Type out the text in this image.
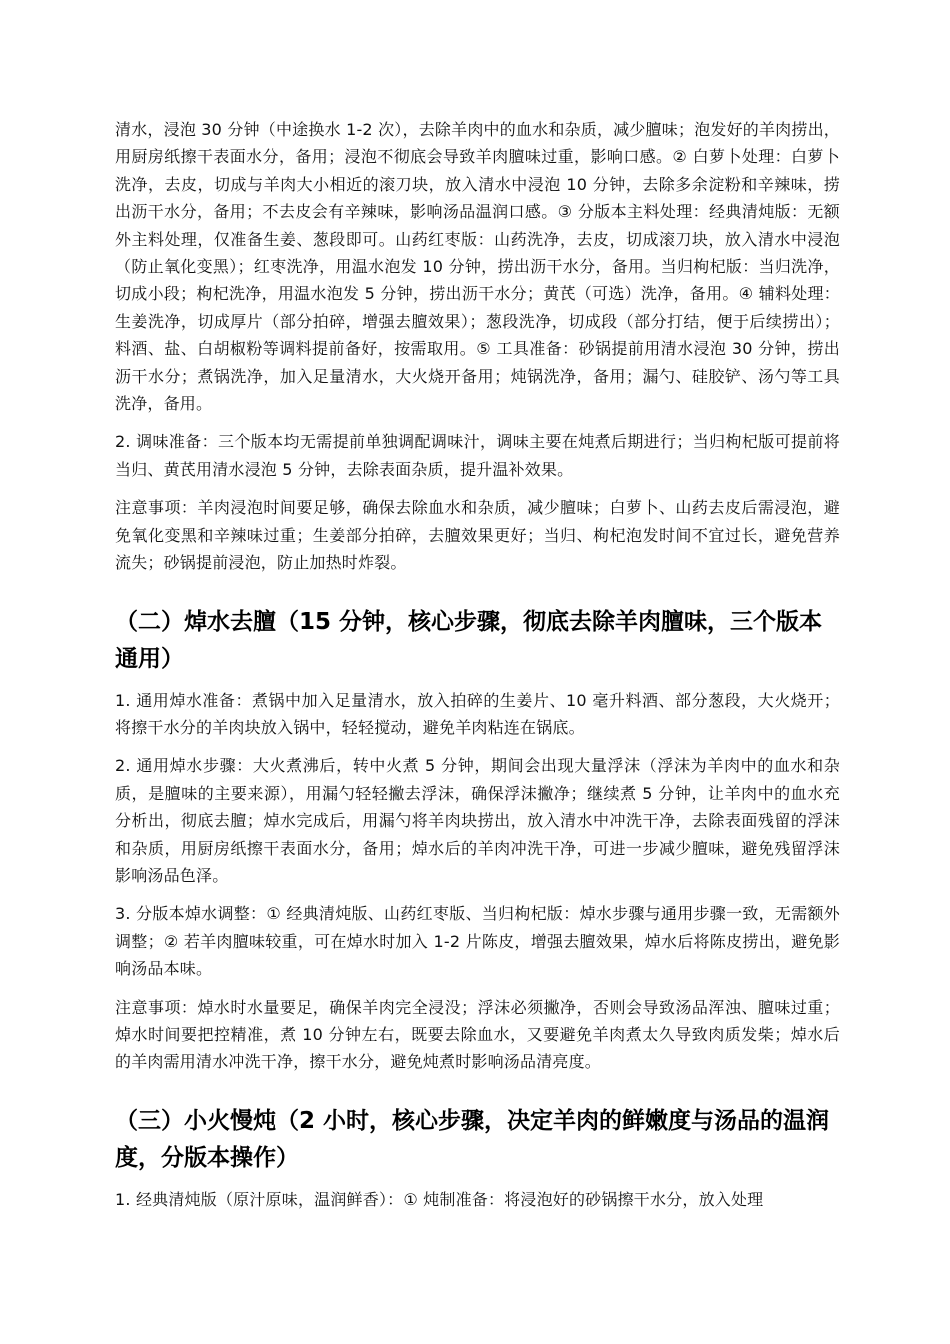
清水，浸泡 30 分钟（中途换水 1-2 次），去除羊肉中的血水和杂质，减少膻味；泡发好的羊肉捞出，用厨房纸擦干表面水分，备用；浸泡不彻底会导致羊肉膻味过重，影响口感。② 白萝卜处理：白萝卜洗净，去皮，切成与羊肉大小相近的滚刀块，放入清水中浸泡 10 分钟，去除多余淀粉和辛辣味，捞出沥干水分，备用；不去皮会有辛辣味，影响汤品温润口感。③ 分版本主料处理：经典清炖版：无额外主料处理，仅准备生姜、葱段即可。山药红枣版：山药洗净，去皮，切成滚刀块，放入清水中浸泡（防止氧化变黑）；红枣洗净，用温水泡发 10 分钟，捞出沥干水分，备用。当归枸杞版：当归洗净，切成小段；枸杞洗净，用温水泡发 5 分钟，捞出沥干水分；黄芪（可选）洗净，备用。④ 辅料处理：生姜洗净，切成厚片（部分拍碎，增强去膻效果）；葱段洗净，切成段（部分打结，便于后续捞出）；料酒、盐、白胡椒粉等调料提前备好，按需取用。⑤ 工具准备：砂锅提前用清水浸泡 30 分钟，捞出沥干水分；煮锅洗净，加入足量清水，大火烧开备用；炖锅洗净，备用；漏勺、硅胶铲、汤勺等工具洗净，备用。

2. 调味准备：三个版本均无需提前单独调配调味汁，调味主要在炖煮后期进行；当归枸杞版可提前将当归、黄芪用清水浸泡 5 分钟，去除表面杂质，提升温补效果。

注意事项：羊肉浸泡时间要足够，确保去除血水和杂质，减少膻味；白萝卜、山药去皮后需浸泡，避免氧化变黑和辛辣味过重；生姜部分拍碎，去膻效果更好；当归、枸杞泡发时间不宜过长，避免营养流失；砂锅提前浸泡，防止加热时炸裂。

（二）焯水去膻（15 分钟，核心步骤，彻底去除羊肉膻味，三个版本通用）

1. 通用焯水准备：煮锅中加入足量清水，放入拍碎的生姜片、10 毫升料酒、部分葱段，大火烧开；将擦干水分的羊肉块放入锅中，轻轻搅动，避免羊肉粘连在锅底。

2. 通用焯水步骤：大火煮沸后，转中火煮 5 分钟，期间会出现大量浮沫（浮沫为羊肉中的血水和杂质，是膻味的主要来源），用漏勺轻轻撇去浮沫，确保浮沫撇净；继续煮 5 分钟，让羊肉中的血水充分析出，彻底去膻；焯水完成后，用漏勺将羊肉块捞出，放入清水中冲洗干净，去除表面残留的浮沫和杂质，用厨房纸擦干表面水分，备用；焯水后的羊肉冲洗干净，可进一步减少膻味，避免残留浮沫影响汤品色泽。

3. 分版本焯水调整：① 经典清炖版、山药红枣版、当归枸杞版：焯水步骤与通用步骤一致，无需额外调整；② 若羊肉膻味较重，可在焯水时加入 1-2 片陈皮，增强去膻效果，焯水后将陈皮捞出，避免影响汤品本味。

注意事项：焯水时水量要足，确保羊肉完全浸没；浮沫必须撇净，否则会导致汤品浑浊、膻味过重；焯水时间要把控精准，煮 10 分钟左右，既要去除血水，又要避免羊肉煮太久导致肉质发柴；焯水后的羊肉需用清水冲洗干净，擦干水分，避免炖煮时影响汤品清亮度。

（三）小火慢炖（2 小时，核心步骤，决定羊肉的鲜嫩度与汤品的温润度，分版本操作）

1. 经典清炖版（原汁原味，温润鲜香）：① 炖制准备：将浸泡好的砂锅擦干水分，放入处理
